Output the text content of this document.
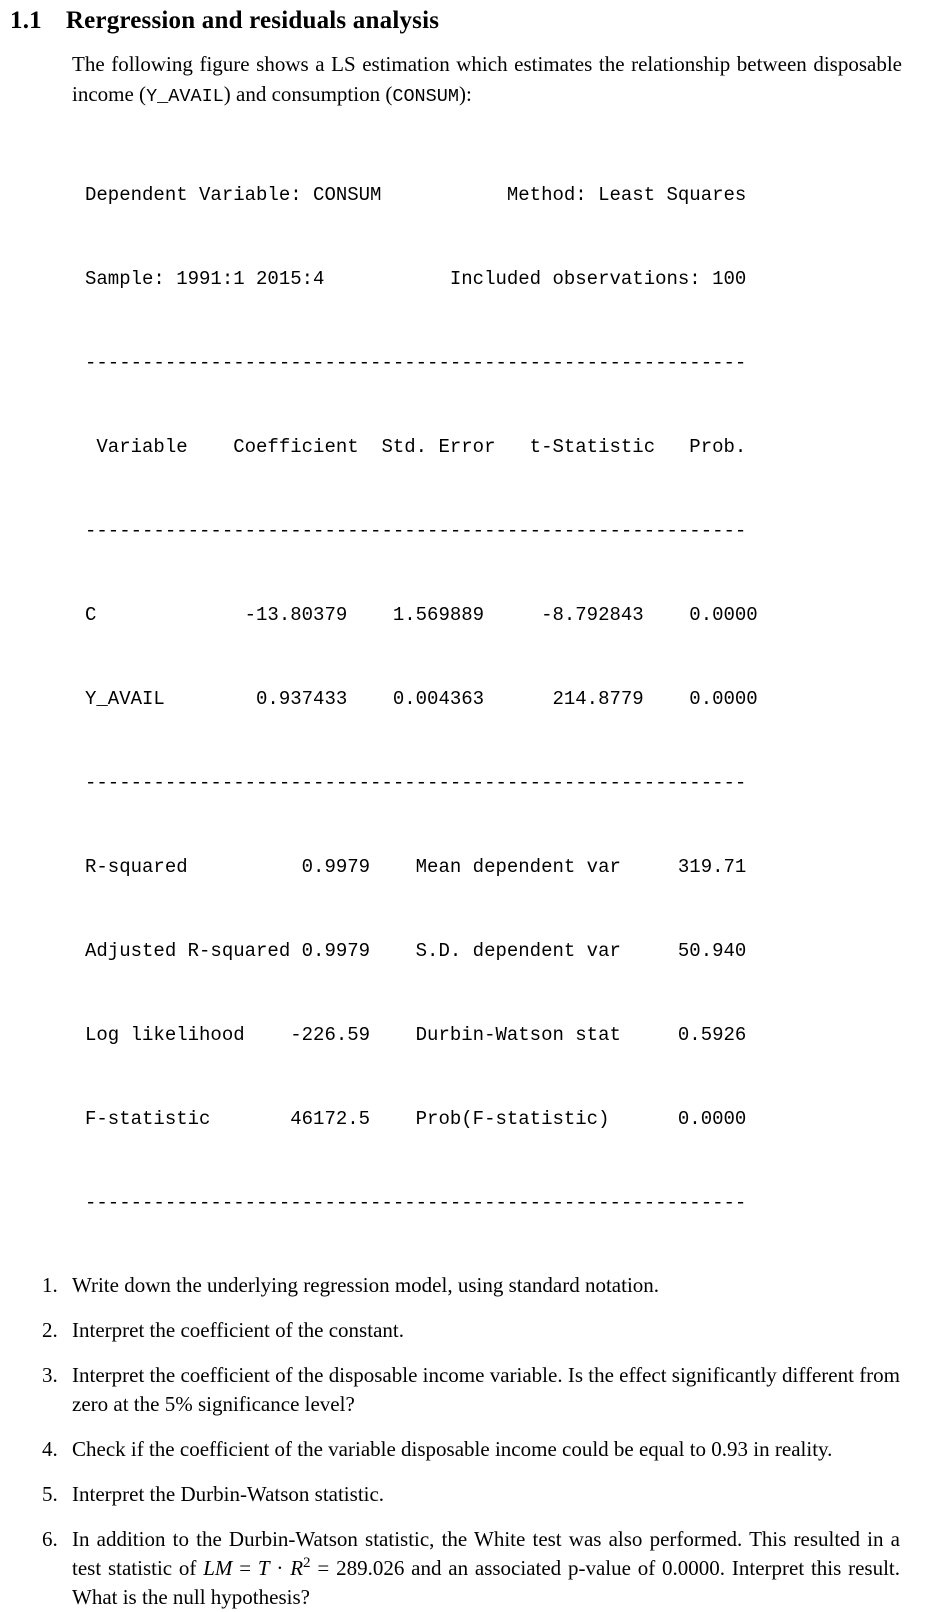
1.1 Rergression and residuals analysis
The following figure shows a LS estimation which estimates the relationship between disposable income (Y_AVAIL) and consumption (CONSUM):

Dependent Variable: CONSUM           Method: Least Squares

Sample: 1991:1 2015:4           Included observations: 100

----------------------------------------------------------

Variable    Coefficient  Std. Error   t-Statistic   Prob.

----------------------------------------------------------

C             -13.80379    1.569889     -8.792843    0.0000

Y_AVAIL        0.937433    0.004363      214.8779    0.0000

----------------------------------------------------------

R-squared          0.9979    Mean dependent var     319.71

Adjusted R-squared 0.9979    S.D. dependent var     50.940

Log likelihood    -226.59    Durbin-Watson stat     0.5926

F-statistic       46172.5    Prob(F-statistic)      0.0000

----------------------------------------------------------

1. Write down the underlying regression model, using standard notation.
2. Interpret the coefficient of the constant.
3. Interpret the coefficient of the disposable income variable. Is the effect significantly different from zero at the 5% significance level?
4. Check if the coefficient of the variable disposable income could be equal to 0.93 in reality.
5. Interpret the Durbin-Watson statistic.
6. In addition to the Durbin-Watson statistic, the White test was also performed. This resulted in a test statistic of LM = $T \cdot R^2 = 289.026$ and an associated p-value of 0.0000. Interpret this result. What is the null hypothesis?
